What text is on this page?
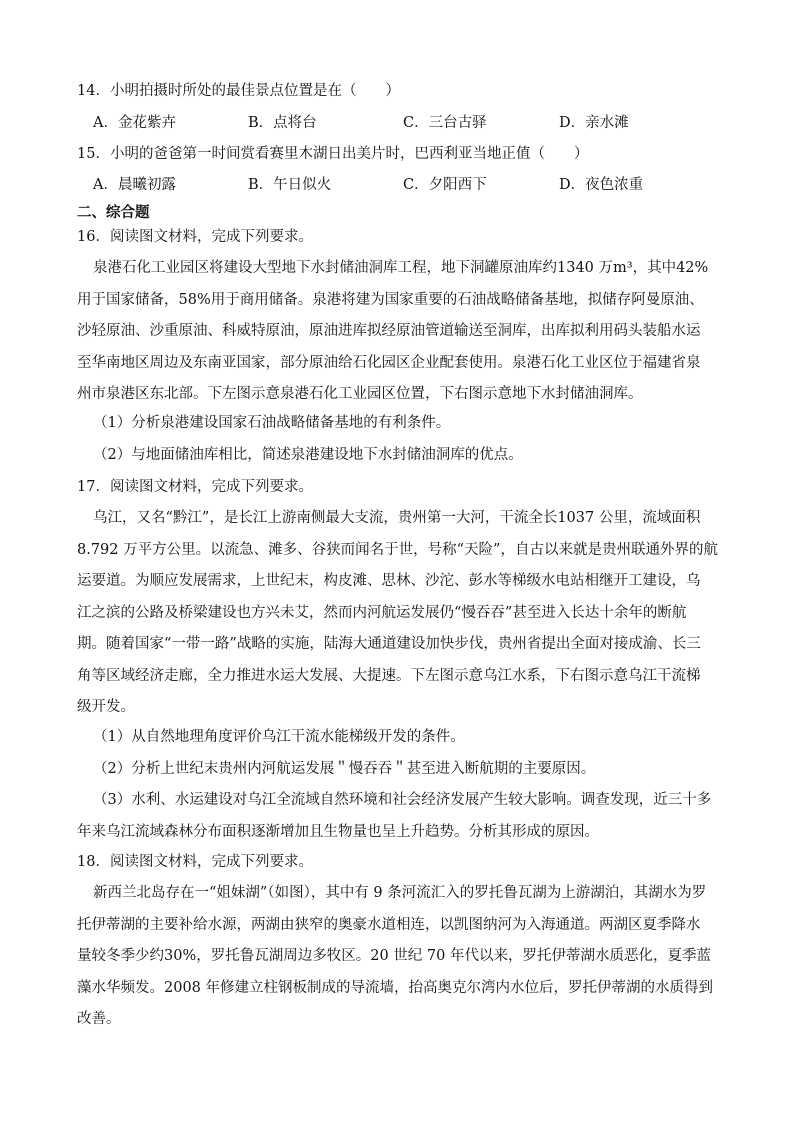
14．小明拍摄时所处的最佳景点位置是在（　　）
A．金花紫卉	B．点将台	C．三台古驿	D．亲水滩
15．小明的爸爸第一时间赏看赛里木湖日出美片时，巴西利亚当地正值（　　）
A．晨曦初露	B．午日似火	C．夕阳西下	D．夜色浓重
二、综合题
16．阅读图文材料，完成下列要求。
泉港石化工业园区将建设大型地下水封储油洞库工程，地下洞罐原油库约1340 万m³，其中42%
用于国家储备，58%用于商用储备。泉港将建为国家重要的石油战略储备基地，拟储存阿曼原油、
沙轻原油、沙重原油、科威特原油，原油进库拟经原油管道输送至洞库，出库拟利用码头装船水运
至华南地区周边及东南亚国家，部分原油给石化园区企业配套使用。泉港石化工业区位于福建省泉
州市泉港区东北部。下左图示意泉港石化工业园区位置，下右图示意地下水封储油洞库。
（1）分析泉港建设国家石油战略储备基地的有利条件。
（2）与地面储油库相比，简述泉港建设地下水封储油洞库的优点。
17．阅读图文材料，完成下列要求。
乌江，又名“黔江”，是长江上游南侧最大支流，贵州第一大河，干流全长1037 公里，流域面积
8.792 万平方公里。以流急、滩多、谷狭而闻名于世，号称“天险”，自古以来就是贵州联通外界的航
运要道。为顺应发展需求，上世纪末，构皮滩、思林、沙沱、彭水等梯级水电站相继开工建设，乌
江之滨的公路及桥梁建设也方兴未艾，然而内河航运发展仍“慢吞吞”甚至进入长达十余年的断航
期。随着国家“一带一路”战略的实施，陆海大通道建设加快步伐，贵州省提出全面对接成渝、长三
角等区域经济走廊，全力推进水运大发展、大提速。下左图示意乌江水系，下右图示意乌江干流梯
级开发。
（1）从自然地理角度评价乌江干流水能梯级开发的条件。
（2）分析上世纪末贵州内河航运发展＂慢吞吞＂甚至进入断航期的主要原因。
（3）水利、水运建设对乌江全流域自然环境和社会经济发展产生较大影响。调查发现，近三十多
年来乌江流域森林分布面积逐渐增加且生物量也呈上升趋势。分析其形成的原因。
18．阅读图文材料，完成下列要求。
新西兰北岛存在一“姐妹湖”（如图），其中有 9 条河流汇入的罗托鲁瓦湖为上游湖泊，其湖水为罗
托伊蒂湖的主要补给水源，两湖由狭窄的奥豪水道相连，以凯图纳河为入海通道。两湖区夏季降水
量较冬季少约30%，罗托鲁瓦湖周边多牧区。20 世纪 70 年代以来，罗托伊蒂湖水质恶化，夏季蓝
藻水华频发。2008 年修建立柱钢板制成的导流墙，抬高奥克尔湾内水位后，罗托伊蒂湖的水质得到
改善。
